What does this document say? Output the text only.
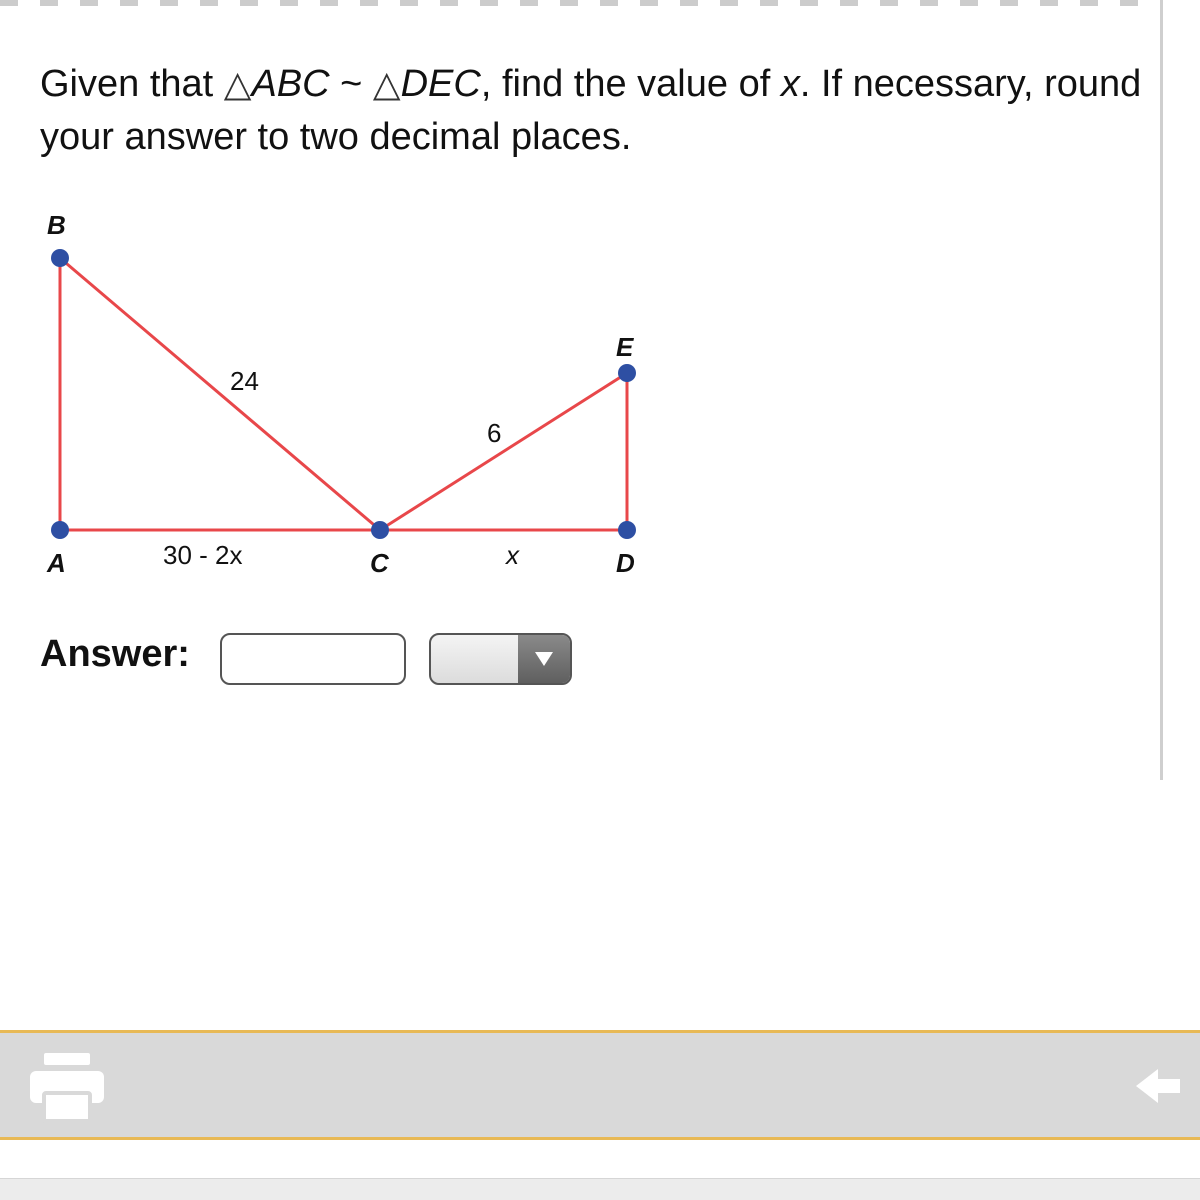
Given that △ABC ~ △DEC, find the value of x. If necessary, round your answer to two decimal places.
B
A	C
E
D
24
6
30 - 2x	x
Answer:
